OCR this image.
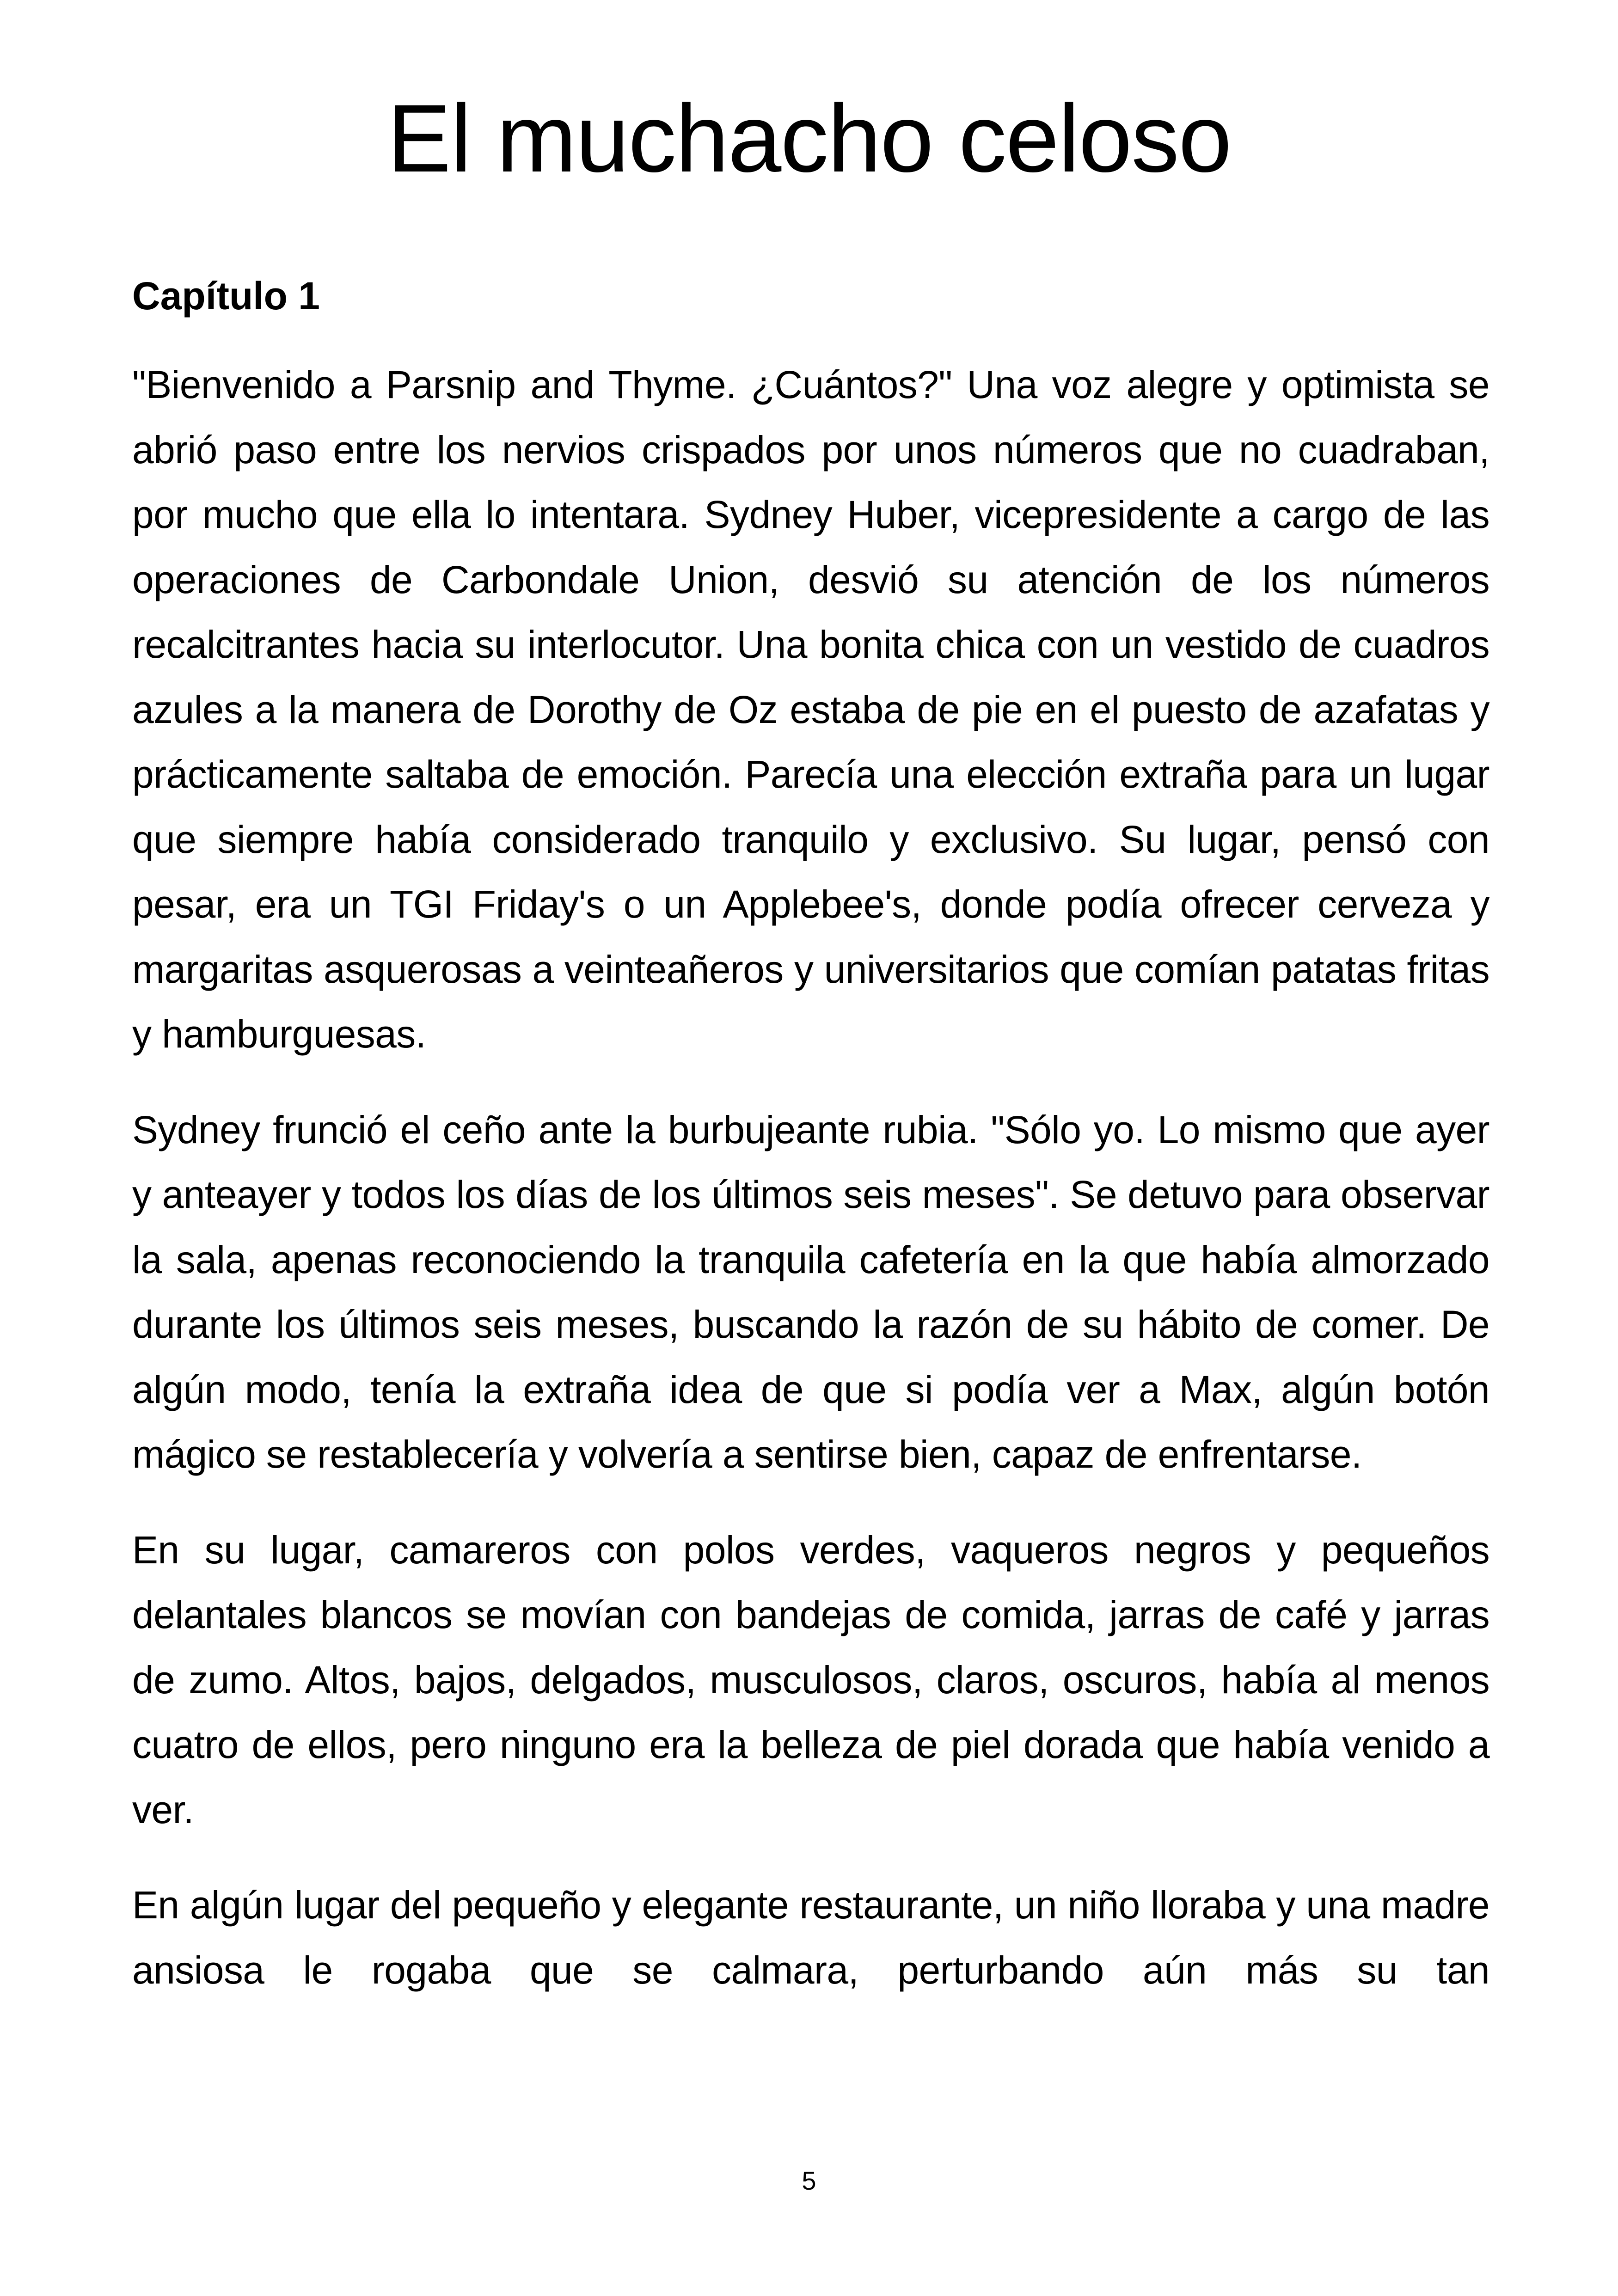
El muchacho celoso

Capítulo 1

"Bienvenido a Parsnip and Thyme. ¿Cuántos?" Una voz alegre y optimista se abrió paso entre los nervios crispados por unos números que no cuadraban, por mucho que ella lo intentara. Sydney Huber, vicepresidente a cargo de las operaciones de Carbondale Union, desvió su atención de los números recalcitrantes hacia su interlocutor. Una bonita chica con un vestido de cuadros azules a la manera de Dorothy de Oz estaba de pie en el puesto de azafatas y prácticamente saltaba de emoción. Parecía una elección extraña para un lugar que siempre había considerado tranquilo y exclusivo. Su lugar, pensó con pesar, era un TGI Friday's o un Applebee's, donde podía ofrecer cerveza y margaritas asquerosas a veinteañeros y universitarios que comían patatas fritas y hamburguesas.

Sydney frunció el ceño ante la burbujeante rubia. "Sólo yo. Lo mismo que ayer y anteayer y todos los días de los últimos seis meses". Se detuvo para observar la sala, apenas reconociendo la tranquila cafetería en la que había almorzado durante los últimos seis meses, buscando la razón de su hábito de comer. De algún modo, tenía la extraña idea de que si podía ver a Max, algún botón mágico se restablecería y volvería a sentirse bien, capaz de enfrentarse.

En su lugar, camareros con polos verdes, vaqueros negros y pequeños delantales blancos se movían con bandejas de comida, jarras de café y jarras de zumo. Altos, bajos, delgados, musculosos, claros, oscuros, había al menos cuatro de ellos, pero ninguno era la belleza de piel dorada que había venido a ver.

En algún lugar del pequeño y elegante restaurante, un niño lloraba y una madre ansiosa le rogaba que se calmara, perturbando aún más su tan

5
